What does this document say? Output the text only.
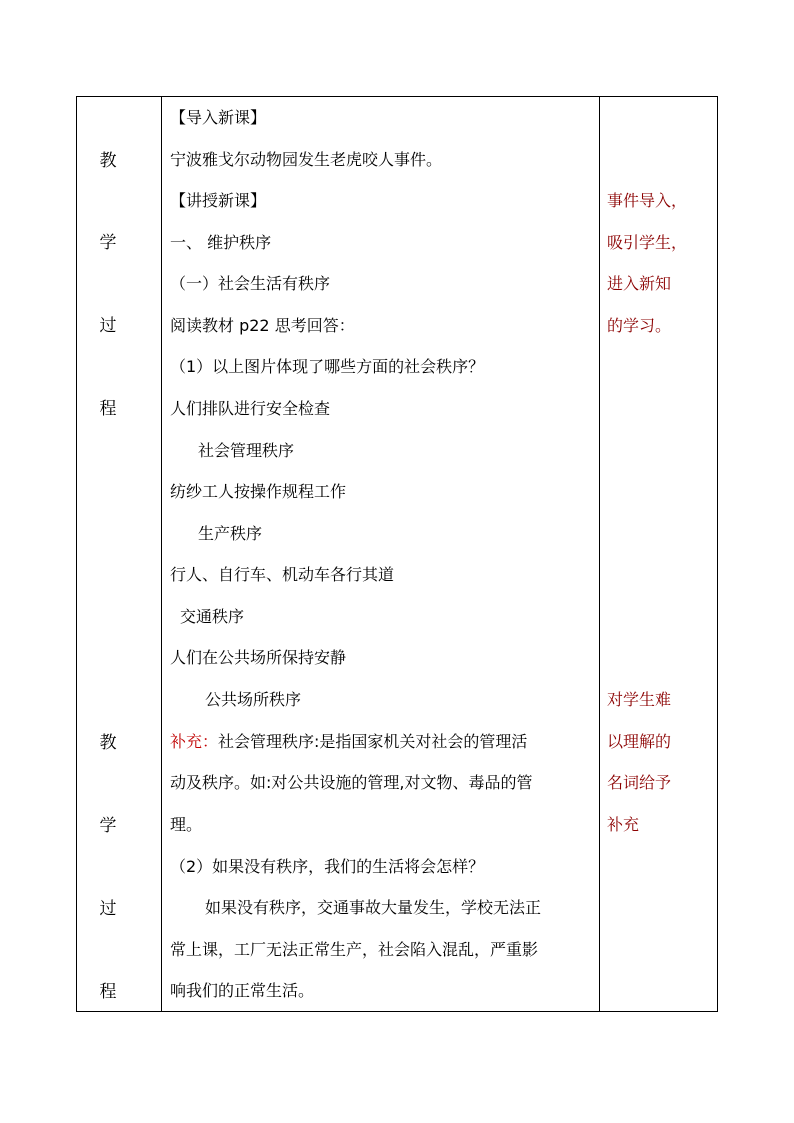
教
学
过
程
教
学
过
程
【导入新课】
宁波雅戈尔动物园发生老虎咬人事件。
【讲授新课】
一、 维护秩序
（一）社会生活有秩序
阅读教材 p22 思考回答：
（1）以上图片体现了哪些方面的社会秩序？
人们排队进行安全检查
社会管理秩序
纺纱工人按操作规程工作
生产秩序
行人、自行车、机动车各行其道
交通秩序
人们在公共场所保持安静
公共场所秩序
补充：社会管理秩序:是指国家机关对社会的管理活
动及秩序。如:对公共设施的管理,对文物、毒品的管
理。
（2）如果没有秩序，我们的生活将会怎样？
如果没有秩序，交通事故大量发生，学校无法正
常上课，工厂无法正常生产，社会陷入混乱，严重影
响我们的正常生活。
事件导入，
吸引学生，
进入新知
的学习。
对学生难
以理解的
名词给予
补充
